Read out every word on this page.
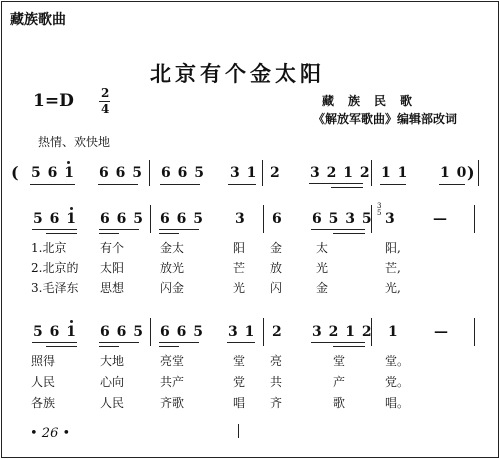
藏族歌曲
北京有个金太阳
1=D 2
4
藏　族　民　歌
《解放军歌曲》编辑部改词
热情、欢快地
( 5 6 1 6 6 5 6 6 5 3 1 2 3 2 1 2 1 1 1 0 )
5 6 1 6 6 5 6 6 5 3 6 6 5 3 5
3 5 3	—
1.北京	有个	金太	阳 金	太	阳,
2.北京的 太阳	放光	芒 放	光	芒,
3.毛泽东 思想	闪金	光 闪	金	光,
5 6 1 6 6 5 6 6 5 3 1 2 3 2 1 2 1	—
照得	大地	亮堂	堂 亮	堂	堂。
人民	心向	共产	党 共	产	党。
各族	人民	齐歌	唱 齐	歌	唱。
• 26 •
